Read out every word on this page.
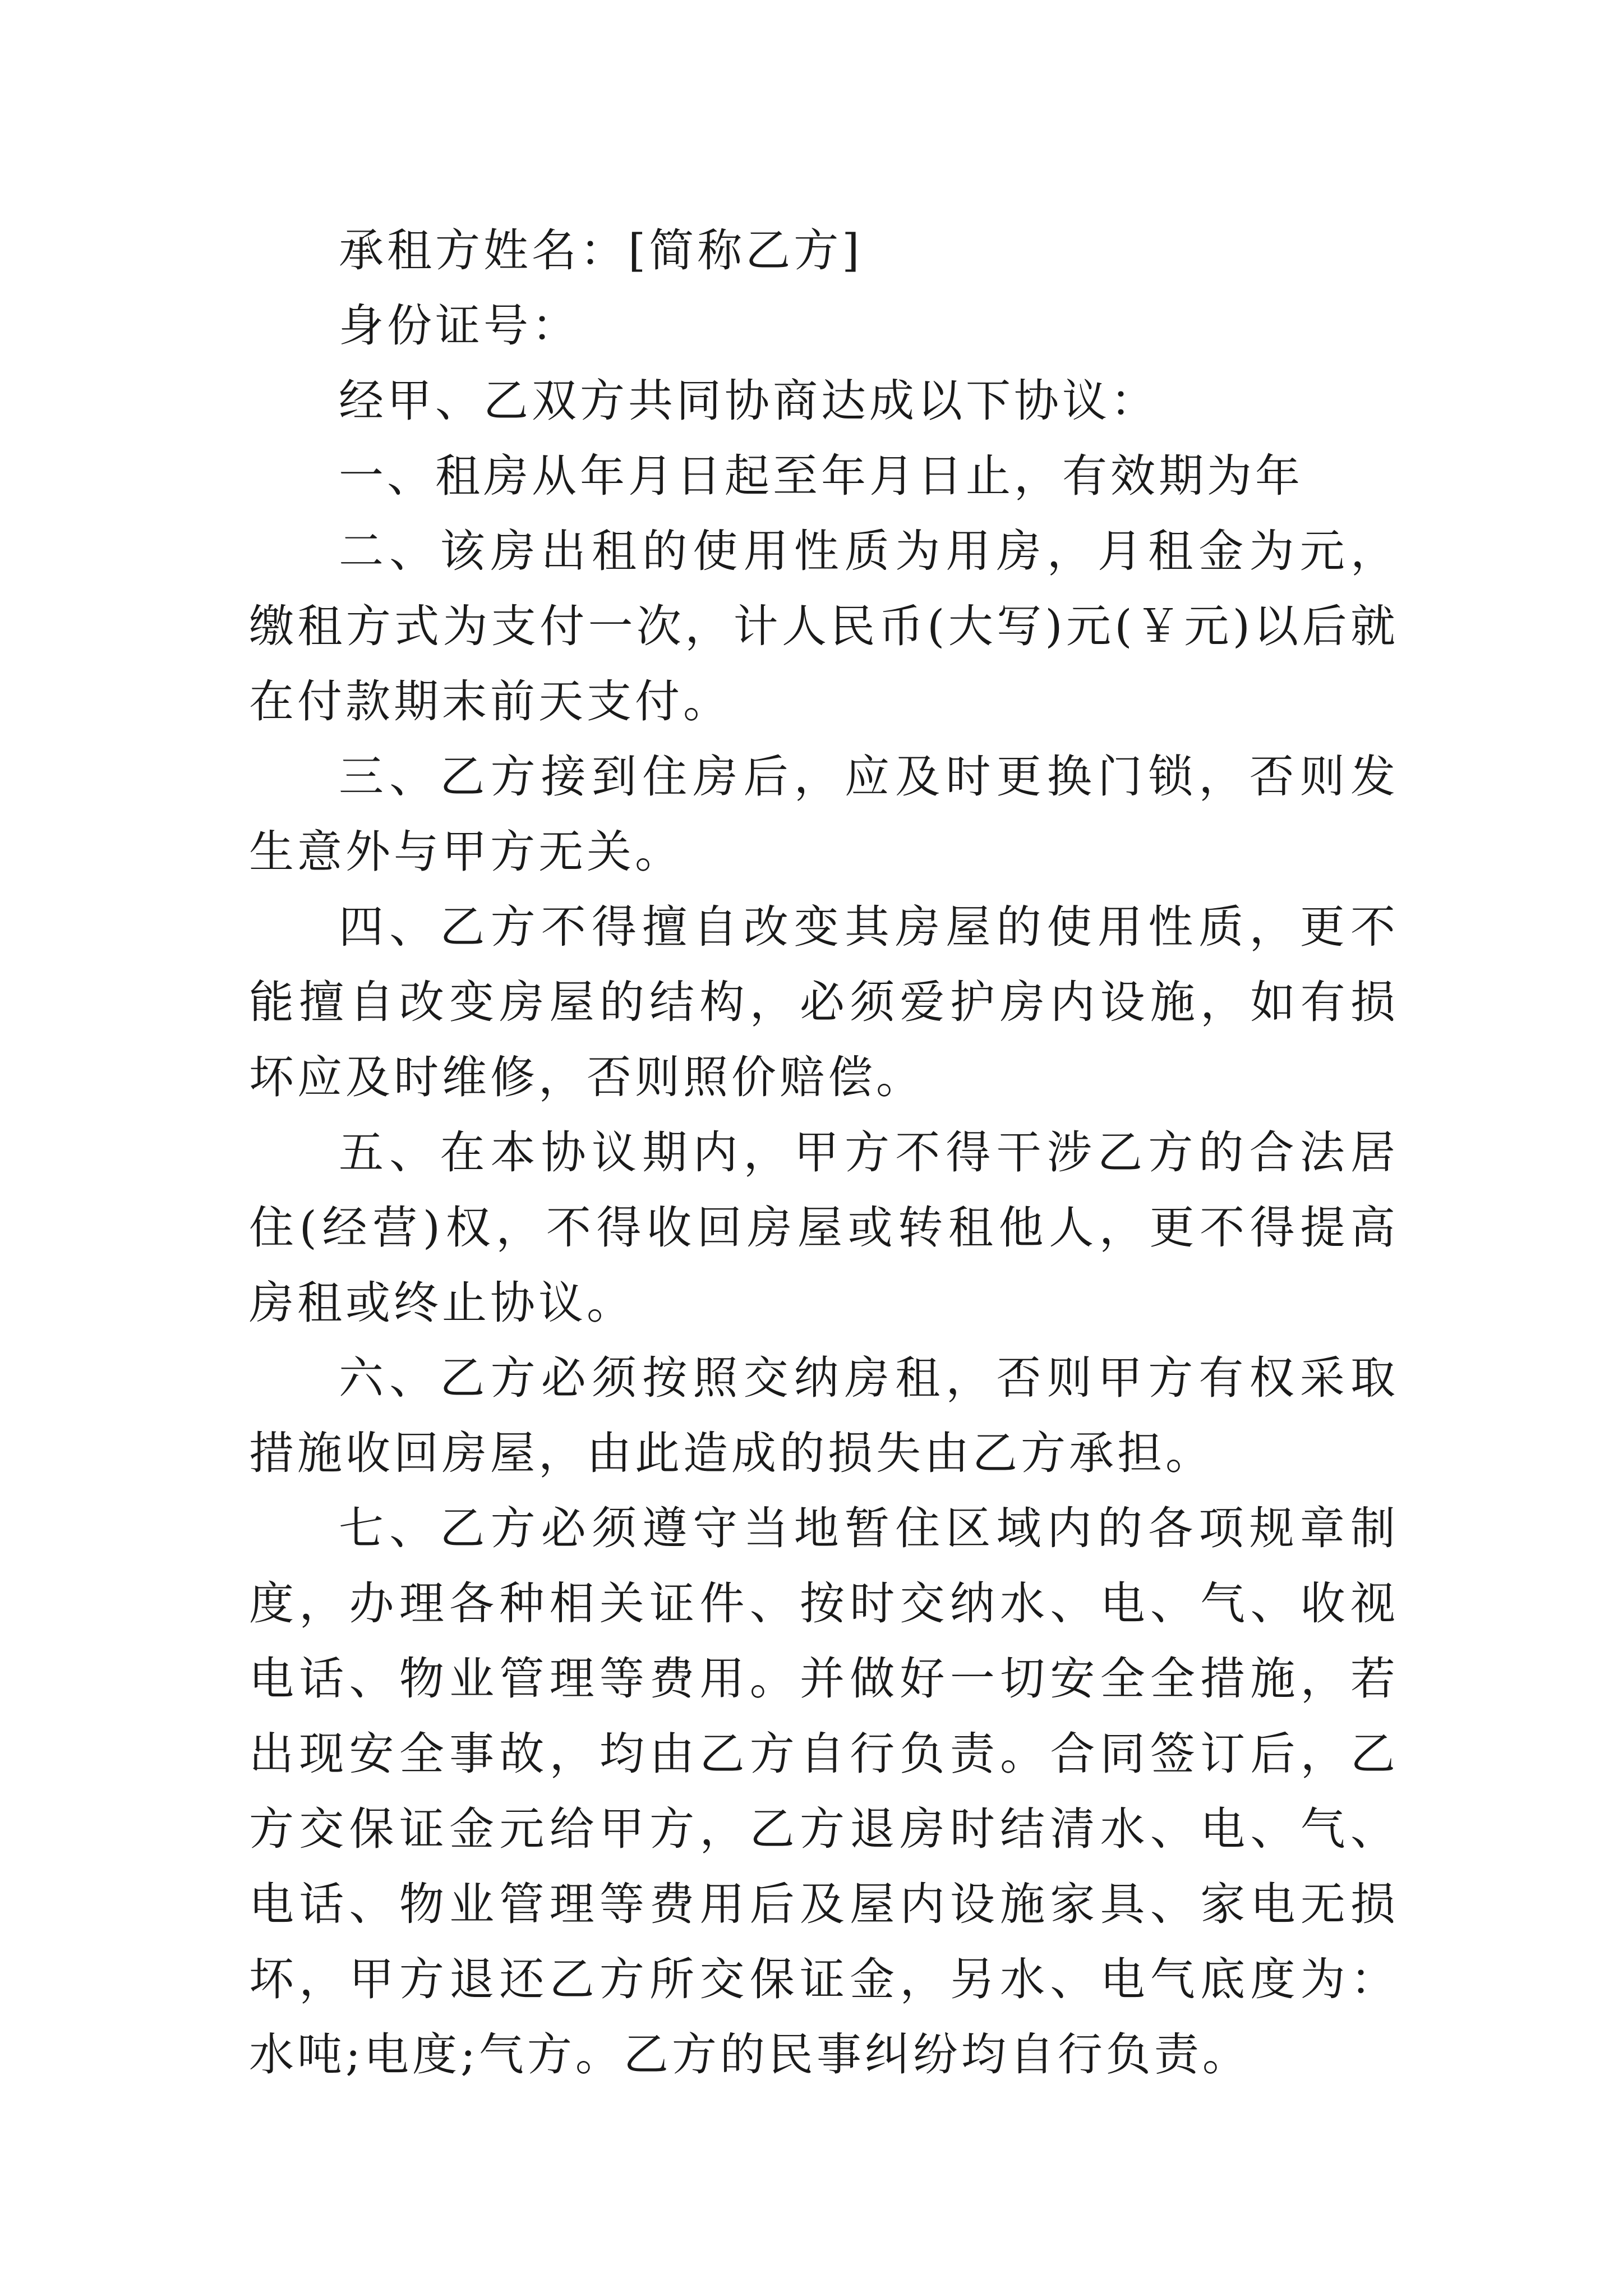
承租方姓名：[简称乙方]

身份证号：

经甲、乙双方共同协商达成以下协议：

一、租房从年月日起至年月日止，有效期为年

二、该房出租的使用性质为用房，月租金为元，缴租方式为支付一次，计人民币(大写)元(￥元)以后就在付款期末前天支付。

三、乙方接到住房后，应及时更换门锁，否则发生意外与甲方无关。

四、乙方不得擅自改变其房屋的使用性质，更不能擅自改变房屋的结构，必须爱护房内设施，如有损坏应及时维修，否则照价赔偿。

五、在本协议期内，甲方不得干涉乙方的合法居住(经营)权，不得收回房屋或转租他人，更不得提高房租或终止协议。

六、乙方必须按照交纳房租，否则甲方有权采取措施收回房屋，由此造成的损失由乙方承担。

七、乙方必须遵守当地暂住区域内的各项规章制度，办理各种相关证件、按时交纳水、电、气、收视电话、物业管理等费用。并做好一切安全全措施，若出现安全事故，均由乙方自行负责。合同签订后，乙方交保证金元给甲方，乙方退房时结清水、电、气、电话、物业管理等费用后及屋内设施家具、家电无损坏，甲方退还乙方所交保证金，另水、电气底度为：水吨;电度;气方。乙方的民事纠纷均自行负责。
